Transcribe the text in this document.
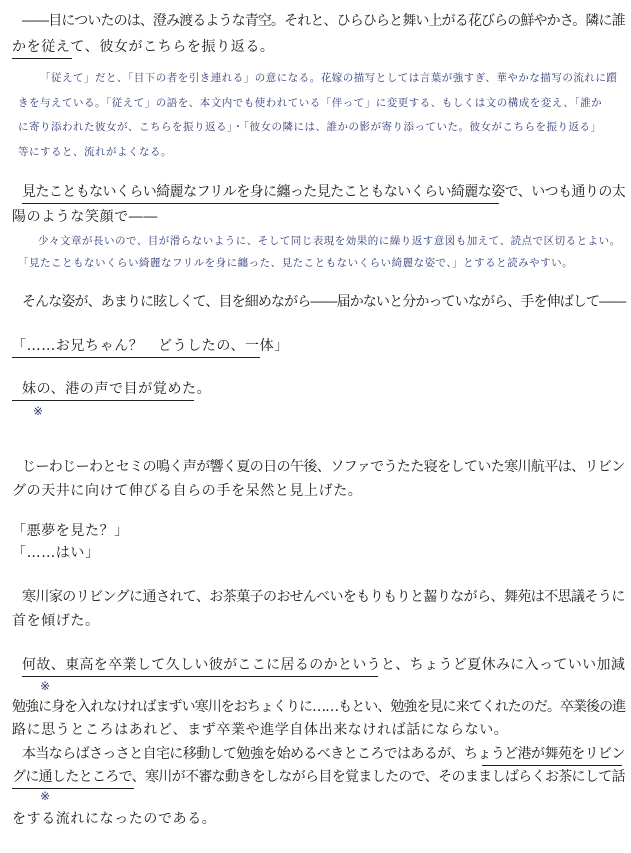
――目についたのは、澄み渡るような青空。それと、ひらひらと舞い上がる花びらの鮮やかさ。隣に誰
かを従えて、彼女がこちらを振り返る。
「従えて」だと、「目下の者を引き連れる」の意になる。花嫁の描写としては言葉が強すぎ、華やかな描写の流れに躓
きを与えている。「従えて」の語を、本文内でも使われている「伴って」に変更する、もしくは文の構成を変え、「誰か
に寄り添われた彼女が、こちらを振り返る」・「彼女の隣には、誰かの影が寄り添っていた。彼女がこちらを振り返る」
等にすると、流れがよくなる。
見たこともないくらい綺麗なフリルを身に纏った見たこともないくらい綺麗な姿で、いつも通りの太
陽のような笑顔で――
少々文章が長いので、目が滑らないように、そして同じ表現を効果的に繰り返す意図も加えて、読点で区切るとよい。
「見たこともないくらい綺麗なフリルを身に纏った、見たこともないくらい綺麗な姿で、」とすると読みやすい。
そんな姿が、あまりに眩しくて、目を細めながら――届かないと分かっていながら、手を伸ばして――
「……お兄ちゃん？　どうしたの、一体」
妹の、港の声で目が覚めた。
※
じーわじーわとセミの鳴く声が響く夏の日の午後、ソファでうたた寝をしていた寒川航平は、リビン
グの天井に向けて伸びる自らの手を呆然と見上げた。
「悪夢を見た？」
「……はい」
寒川家のリビングに通されて、お茶菓子のおせんべいをもりもりと齧りながら、舞苑は不思議そうに
首を傾げた。
何故、東高を卒業して久しい彼がここに居るのかというと、ちょうど夏休みに入っていい加減
※
勉強に身を入れなければまずい寒川をおちょくりに……もとい、勉強を見に来てくれたのだ。卒業後の進
路に思うところはあれど、まず卒業や進学自体出来なければ話にならない。
本当ならばさっさと自宅に移動して勉強を始めるべきところではあるが、ちょうど港が舞苑をリビン
グに通したところで、寒川が不審な動きをしながら目を覚ましたので、そのまましばらくお茶にして話
※
をする流れになったのである。
